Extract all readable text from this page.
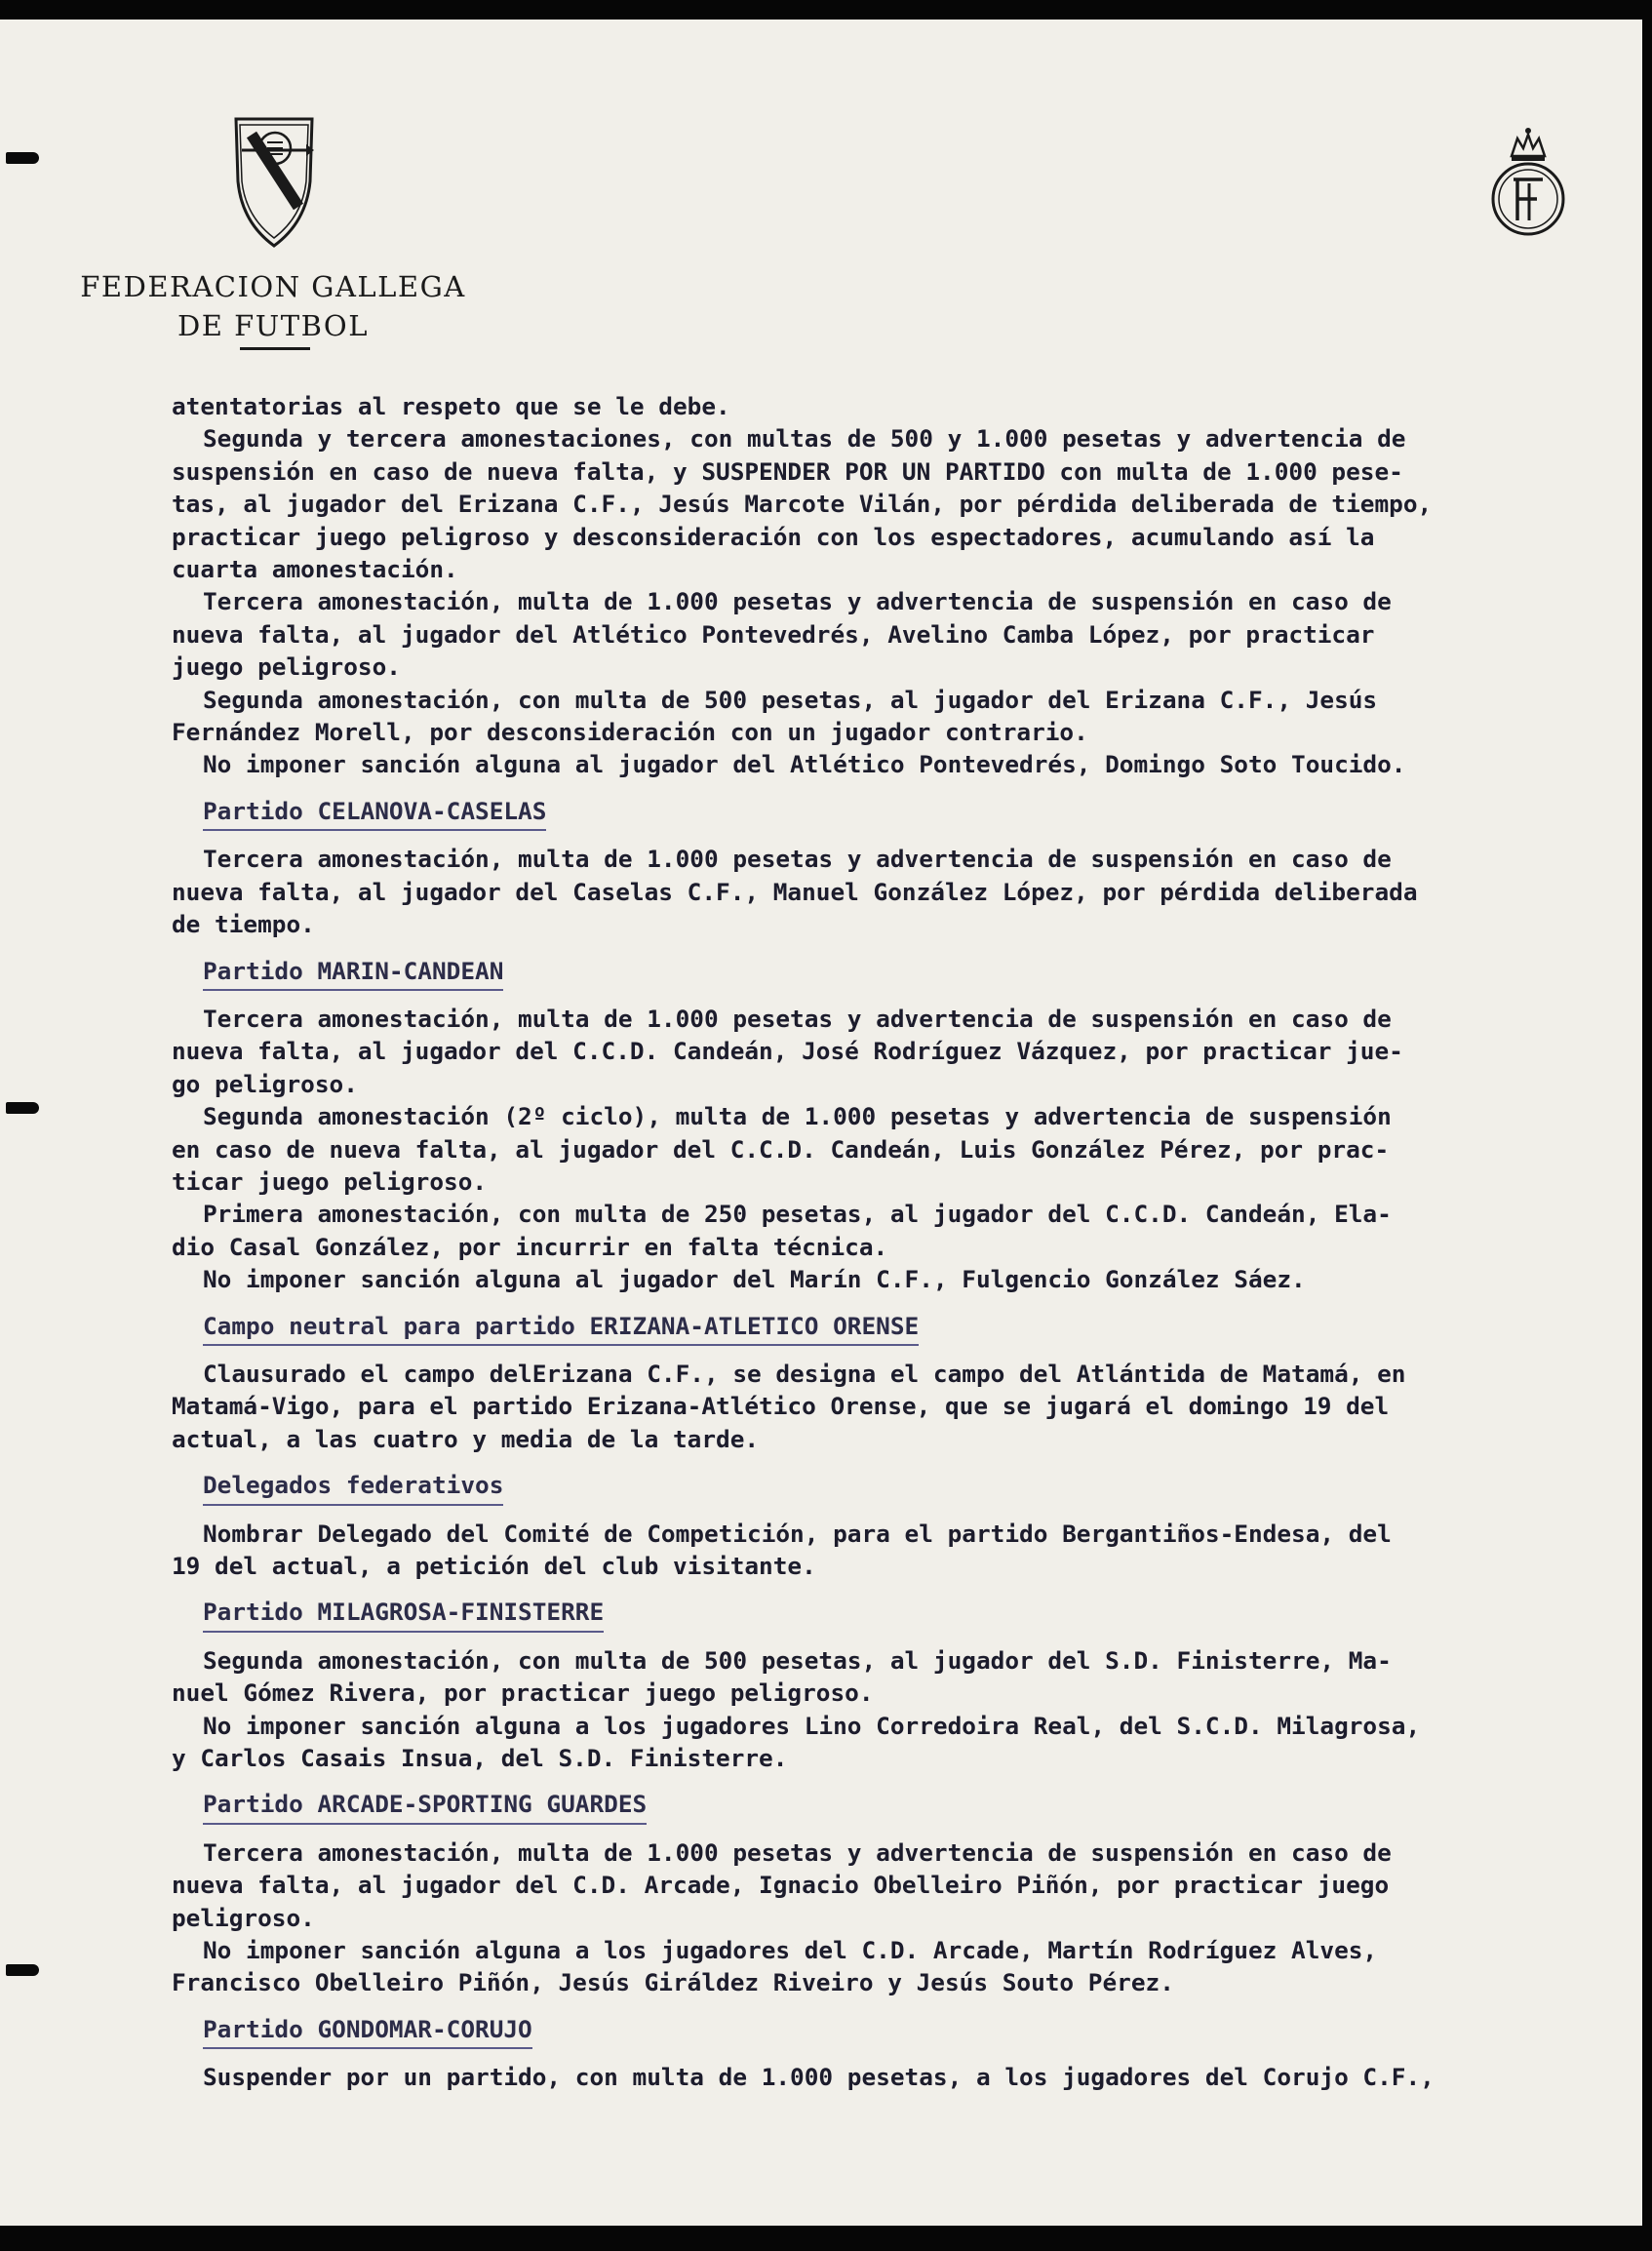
FEDERACION GALLEGA
DE FUTBOL

atentatorias al respeto que se le debe.

Segunda y tercera amonestaciones, con multas de 500 y 1.000 pesetas y advertencia de

suspensión en caso de nueva falta, y SUSPENDER POR UN PARTIDO con multa de 1.000 pese-

tas, al jugador del Erizana C.F., Jesús Marcote Vilán, por pérdida deliberada de tiempo,

practicar juego peligroso y desconsideración con los espectadores, acumulando así la

cuarta amonestación.

Tercera amonestación, multa de 1.000 pesetas y advertencia de suspensión en caso de

nueva falta, al jugador del Atlético Pontevedrés, Avelino Camba López, por practicar

juego peligroso.

Segunda amonestación, con multa de 500 pesetas, al jugador del Erizana C.F., Jesús

Fernández Morell, por desconsideración con un jugador contrario.

No imponer sanción alguna al jugador del Atlético Pontevedrés, Domingo Soto Toucido.

Partido CELANOVA-CASELAS

Tercera amonestación, multa de 1.000 pesetas y advertencia de suspensión en caso de

nueva falta, al jugador del Caselas C.F., Manuel González López, por pérdida deliberada

de tiempo.

Partido MARIN-CANDEAN

Tercera amonestación, multa de 1.000 pesetas y advertencia de suspensión en caso de

nueva falta, al jugador del C.C.D. Candeán, José Rodríguez Vázquez, por practicar jue-

go peligroso.

Segunda amonestación (2º ciclo), multa de 1.000 pesetas y advertencia de suspensión

en caso de nueva falta, al jugador del C.C.D. Candeán, Luis González Pérez, por prac-

ticar juego peligroso.

Primera amonestación, con multa de 250 pesetas, al jugador del C.C.D. Candeán, Ela-

dio Casal González, por incurrir en falta técnica.

No imponer sanción alguna al jugador del Marín C.F., Fulgencio González Sáez.

Campo neutral para partido ERIZANA-ATLETICO ORENSE

Clausurado el campo delErizana C.F., se designa el campo del Atlántida de Matamá, en

Matamá-Vigo, para el partido Erizana-Atlético Orense, que se jugará el domingo 19 del

actual, a las cuatro y media de la tarde.

Delegados federativos

Nombrar Delegado del Comité de Competición, para el partido Bergantiños-Endesa, del

19 del actual, a petición del club visitante.

Partido MILAGROSA-FINISTERRE

Segunda amonestación, con multa de 500 pesetas, al jugador del S.D. Finisterre, Ma-

nuel Gómez Rivera, por practicar juego peligroso.

No imponer sanción alguna a los jugadores Lino Corredoira Real, del S.C.D. Milagrosa,

y Carlos Casais Insua, del S.D. Finisterre.

Partido ARCADE-SPORTING GUARDES

Tercera amonestación, multa de 1.000 pesetas y advertencia de suspensión en caso de

nueva falta, al jugador del C.D. Arcade, Ignacio Obelleiro Piñón, por practicar juego

peligroso.

No imponer sanción alguna a los jugadores del C.D. Arcade, Martín Rodríguez Alves,

Francisco Obelleiro Piñón, Jesús Giráldez Riveiro y Jesús Souto Pérez.

Partido GONDOMAR-CORUJO

Suspender por un partido, con multa de 1.000 pesetas, a los jugadores del Corujo C.F.,
